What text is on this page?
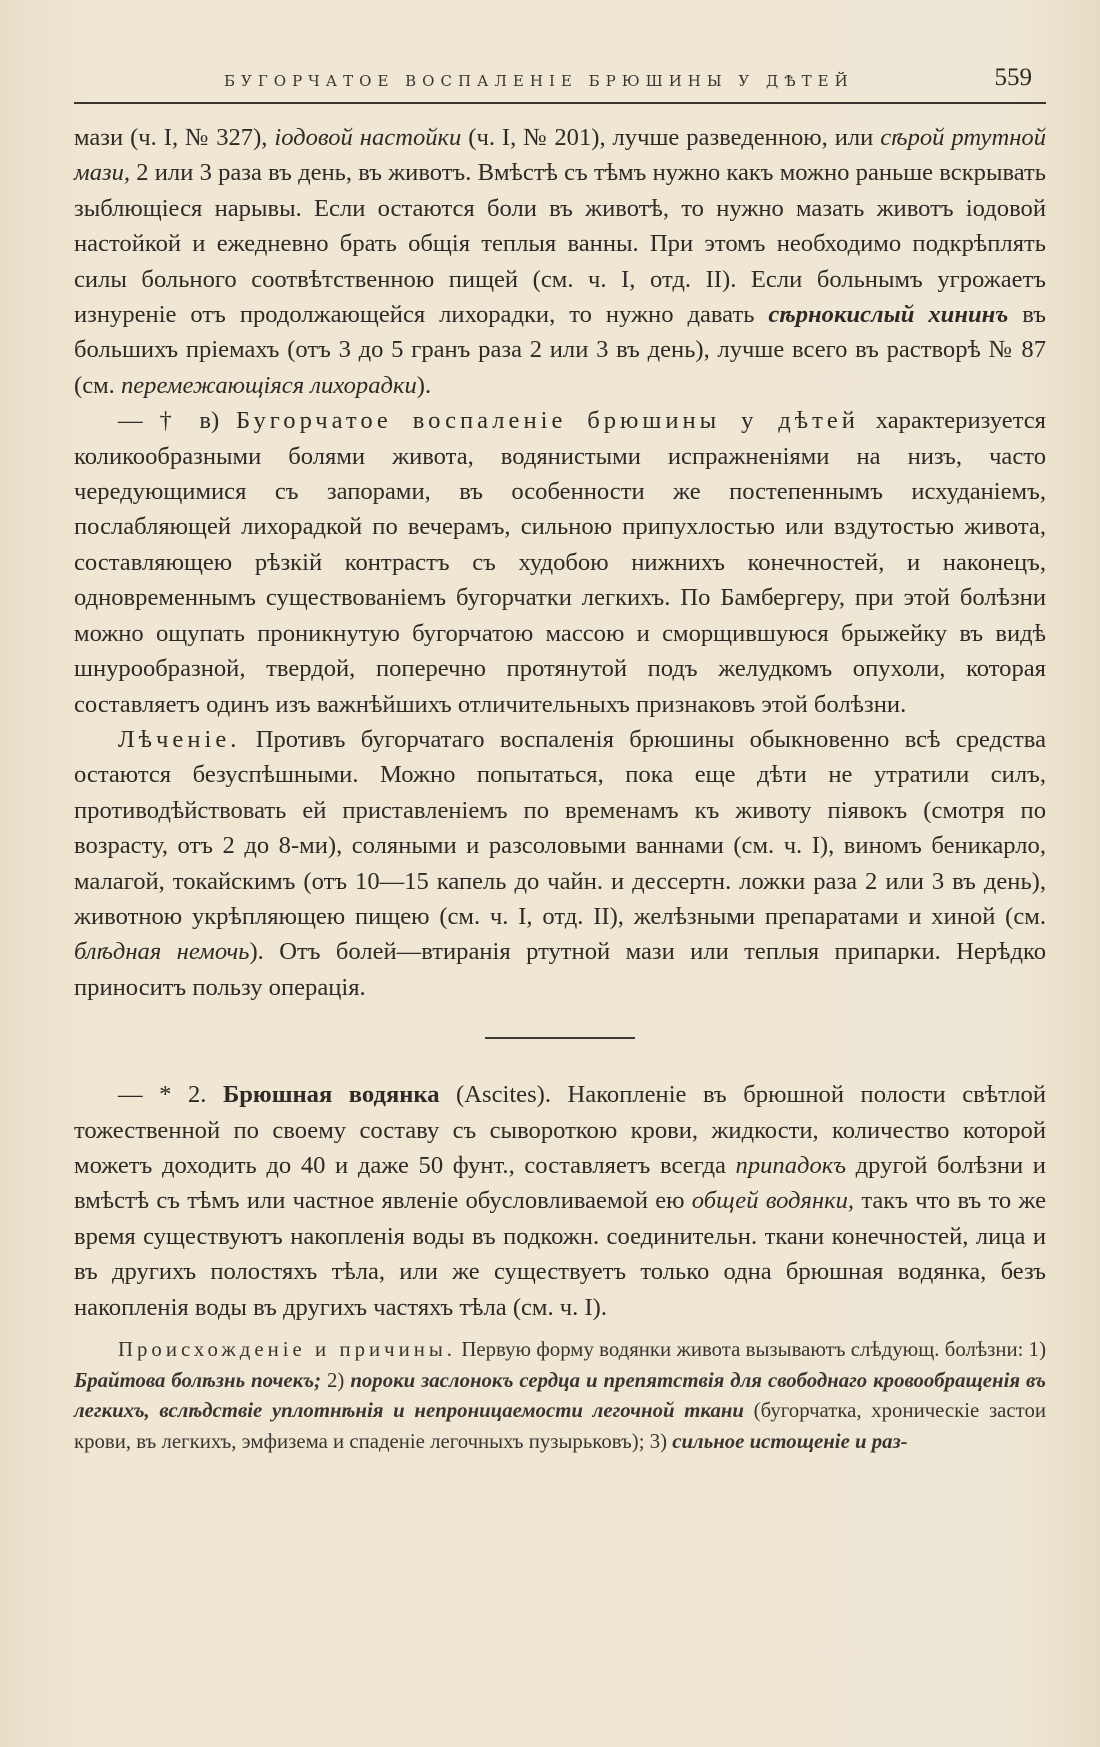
БУГОРЧАТОЕ ВОСПАЛЕНІЕ БРЮШИНЫ У ДѢТЕЙ	559

мази (ч. I, № 327), іодовой настойки (ч. I, № 201), лучше разведенною, или сѣрой ртутной мази, 2 или 3 раза въ день, въ животъ. Вмѣстѣ съ тѣмъ нужно какъ можно раньше вскрывать зыблющіеся нарывы. Если остаются боли въ животѣ, то нужно мазать животъ іодовой настойкой и ежедневно брать общія теплыя ванны. При этомъ необходимо подкрѣплять силы больного соотвѣтственною пищей (см. ч. I, отд. II). Если больнымъ угрожаетъ изнуреніе отъ продолжающейся лихорадки, то нужно давать сѣрнокислый хининъ въ большихъ пріемахъ (отъ 3 до 5 гранъ раза 2 или 3 въ день), лучше всего въ растворѣ № 87 (см. перемежающіяся лихорадки).

— † в) Бугорчатое воспаленіе брюшины у дѣтей характеризуется коликообразными болями живота, водянистыми испражненіями на низъ, часто чередующимися съ запорами, въ особенности же постепеннымъ исхуданіемъ, послабляющей лихорадкой по вечерамъ, сильною припухлостью или вздутостью живота, составляющею рѣзкій контрастъ съ худобою нижнихъ конечностей, и наконецъ, одновременнымъ существованіемъ бугорчатки легкихъ. По Бамбергеру, при этой болѣзни можно ощупать проникнутую бугорчатою массою и сморщившуюся брыжейку въ видѣ шнурообразной, твердой, поперечно протянутой подъ желудкомъ опухоли, которая составляетъ одинъ изъ важнѣйшихъ отличительныхъ признаковъ этой болѣзни.

Лѣченіе. Противъ бугорчатаго воспаленія брюшины обыкновенно всѣ средства остаются безуспѣшными. Можно попытаться, пока еще дѣти не утратили силъ, противодѣйствовать ей приставленіемъ по временамъ къ животу піявокъ (смотря по возрасту, отъ 2 до 8-ми), соляными и разсоловыми ваннами (см. ч. I), виномъ беникарло, малагой, токайскимъ (отъ 10—15 капель до чайн. и дессертн. ложки раза 2 или 3 въ день), животною укрѣпляющею пищею (см. ч. I, отд. II), желѣзными препаратами и хиной (см. блѣдная немочь). Отъ болей—втиранія ртутной мази или теплыя припарки. Нерѣдко приноситъ пользу операція.

— * 2. Брюшная водянка (Ascites). Накопленіе въ брюшной полости свѣтлой тожественной по своему составу съ сывороткою крови, жидкости, количество которой можетъ доходить до 40 и даже 50 фунт., составляетъ всегда припадокъ другой болѣзни и вмѣстѣ съ тѣмъ или частное явленіе обусловливаемой ею общей водянки, такъ что въ то же время существуютъ накопленія воды въ подкожн. соединительн. ткани конечностей, лица и въ другихъ полостяхъ тѣла, или же существуетъ только одна брюшная водянка, безъ накопленія воды въ другихъ частяхъ тѣла (см. ч. I).

Происхожденіе и причины. Первую форму водянки живота вызываютъ слѣдующ. болѣзни: 1) Брайтова болѣзнь почекъ; 2) пороки заслонокъ сердца и препятствія для свободнаго кровообращенія въ легкихъ, вслѣдствіе уплотнѣнія и непроницаемости легочной ткани (бугорчатка, хроническіе застои крови, въ легкихъ, эмфизема и спаденіе легочныхъ пузырьковъ); 3) сильное истощеніе и раз-
